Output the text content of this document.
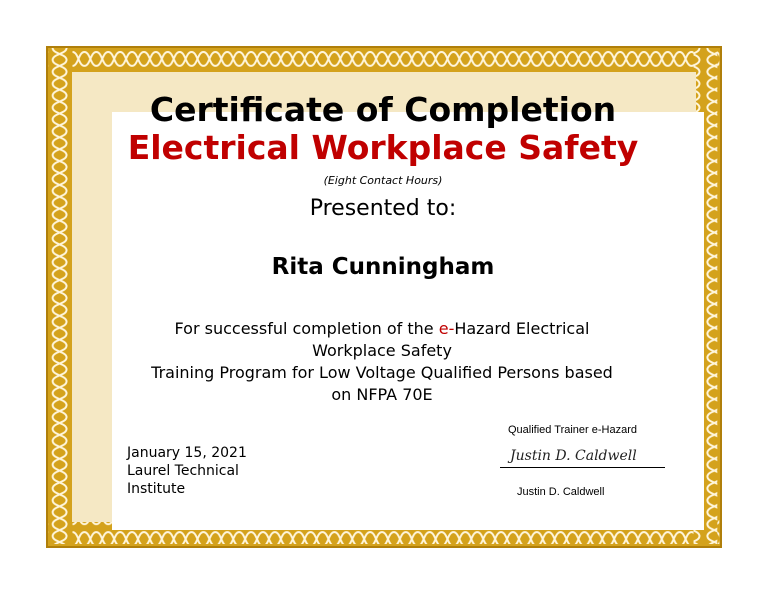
Certificate of Completion
Electrical Workplace Safety
(Eight Contact Hours)
Presented to:
Rita Cunningham
For successful completion of the e-Hazard Electrical
Workplace Safety
Training Program for Low Voltage Qualified Persons based
on NFPA 70E
January 15, 2021
Laurel Technical
Institute
Qualified Trainer e-Hazard
Justin D. Caldwell
Justin D. Caldwell
